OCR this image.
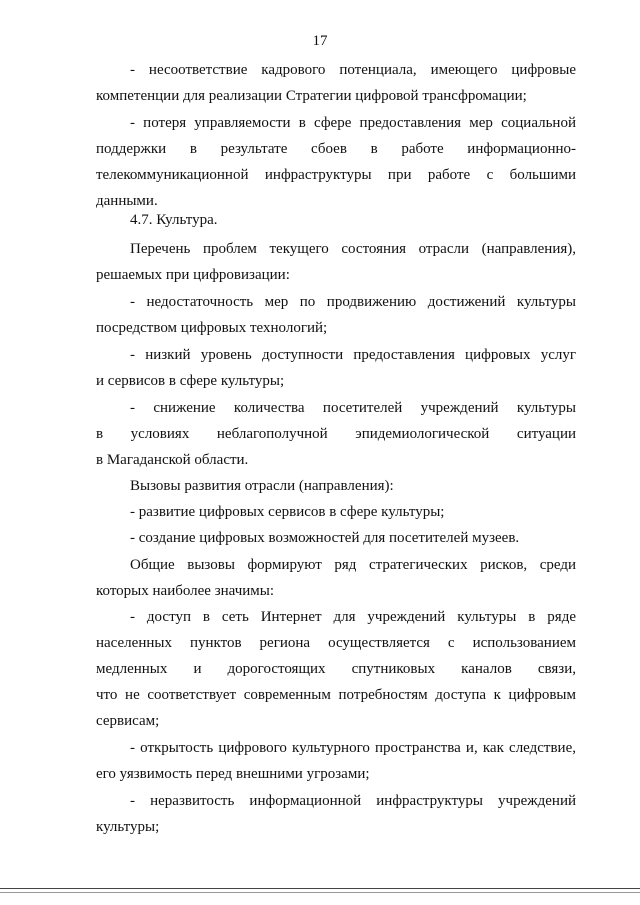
17
- несоответствие кадрового потенциала, имеющего цифровые
компетенции для реализации Стратегии цифровой трансфромации;
- потеря управляемости в сфере предоставления мер социальной
поддержки в результате сбоев в работе информационно-
телекоммуникационной инфраструктуры при работе с большими
данными.
4.7. Культура.
Перечень проблем текущего состояния отрасли (направления),
решаемых при цифровизации:
- недостаточность мер по продвижению достижений культуры
посредством цифровых технологий;
- низкий уровень доступности предоставления цифровых услуг
и сервисов в сфере культуры;
- снижение количества посетителей учреждений культуры
в условиях неблагополучной эпидемиологической ситуации
в Магаданской области.
Вызовы развития отрасли (направления):
- развитие цифровых сервисов в сфере культуры;
- создание цифровых возможностей для посетителей музеев.
Общие вызовы формируют ряд стратегических рисков, среди
которых наиболее значимы:
- доступ в сеть Интернет для учреждений культуры в ряде
населенных пунктов региона осуществляется с использованием
медленных и дорогостоящих спутниковых каналов связи,
что не соответствует современным потребностям доступа к цифровым
сервисам;
- открытость цифрового культурного пространства и, как следствие,
его уязвимость перед внешними угрозами;
- неразвитость информационной инфраструктуры учреждений
культуры;
